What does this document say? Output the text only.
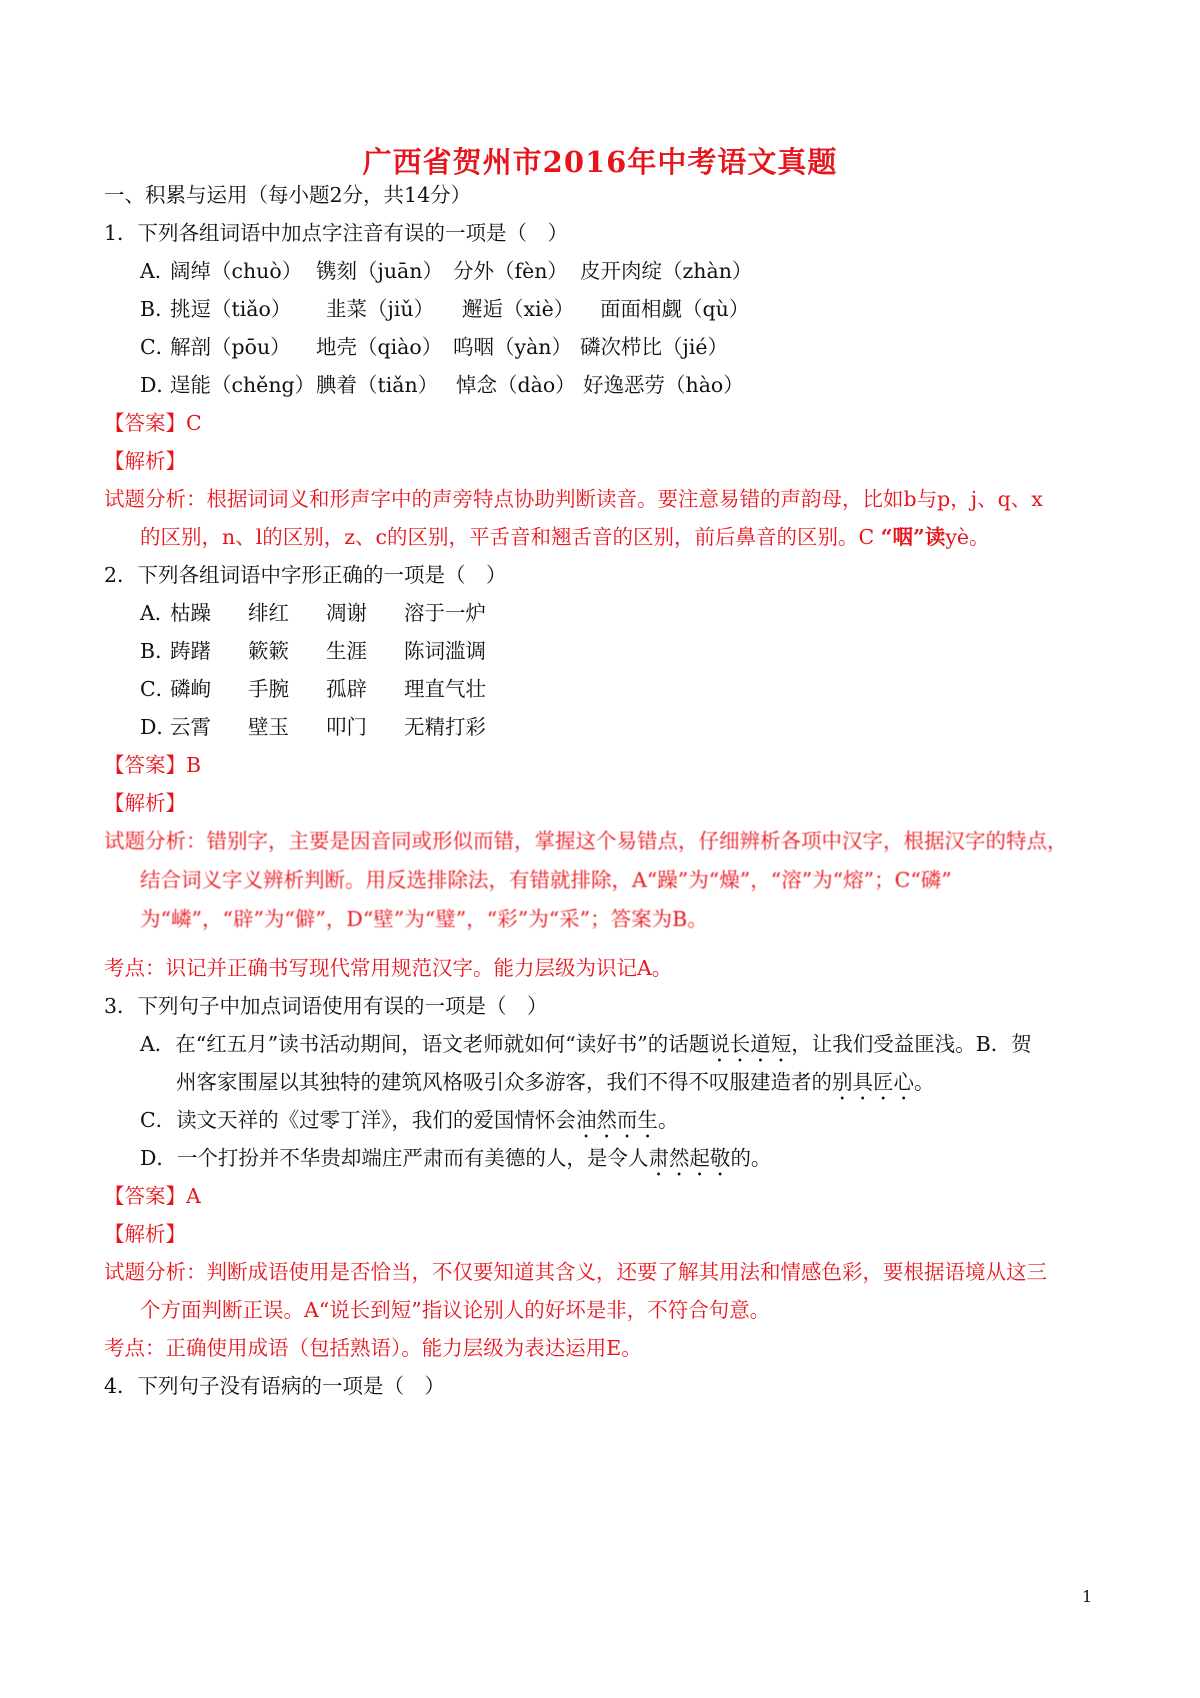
广西省贺州市2016年中考语文真题
一、积累与运用（每小题2分，共14分）
1．下列各组词语中加点字注音有误的一项是（　）
A．
阔绰（chuò） 镌刻（juān） 分外（fèn） 皮开肉绽（zhàn）
B．
挑逗（tiǎo） 韭菜（jiǔ） 邂逅（xiè） 面面相觑（qù）
C．
解剖（pōu） 地壳（qiào） 呜咽（yàn） 磷次栉比（jié）
D．
逞能（chěng） 腆着（tiǎn） 悼念（dào） 好逸恶劳（hào）
【答案】C
【解析】
试题分析：根据词词义和形声字中的声旁特点协助判断读音。要注意易错的声韵母，比如b与p，j、q、x
的区别，n、l的区别，z、c的区别，平舌音和翘舌音的区别，前后鼻音的区别。C “咽”读yè。
2．下列各组词语中字形正确的一项是（　）
A．
枯躁 绯红 凋谢 溶于一炉
B．
踌躇 簌簌 生涯 陈词滥调
C．
磷峋 手腕 孤辟 理直气壮
D．
云霄 壁玉 叩门 无精打彩
【答案】B
【解析】
试题分析：错别字，主要是因音同或形似而错，掌握这个易错点，仔细辨析各项中汉字，根据汉字的特点，
结合词义字义辨析判断。用反选排除法，有错就排除，A“躁”为“燥”，“溶”为“熔”；C“磷”
为“嶙”，“辟”为“僻”，D“壁”为“璧”，“彩”为“采”；答案为B。
考点：识记并正确书写现代常用规范汉字。能力层级为识记A。
3．下列句子中加点词语使用有误的一项是（　）
A．在“红五月”读书活动期间，语文老师就如何“读好书”的话题说长道短，让我们受益匪浅。B．贺
州客家围屋以其独特的建筑风格吸引众多游客，我们不得不叹服建造者的别具匠心。
C．读文天祥的《过零丁洋》，我们的爱国情怀会油然而生。
D．一个打扮并不华贵却端庄严肃而有美德的人，是令人肃然起敬的。
【答案】A
【解析】
试题分析：判断成语使用是否恰当，不仅要知道其含义，还要了解其用法和情感色彩，要根据语境从这三
个方面判断正误。A“说长到短”指议论别人的好坏是非，不符合句意。
考点：正确使用成语（包括熟语）。能力层级为表达运用E。
4．下列句子没有语病的一项是（　）
1
